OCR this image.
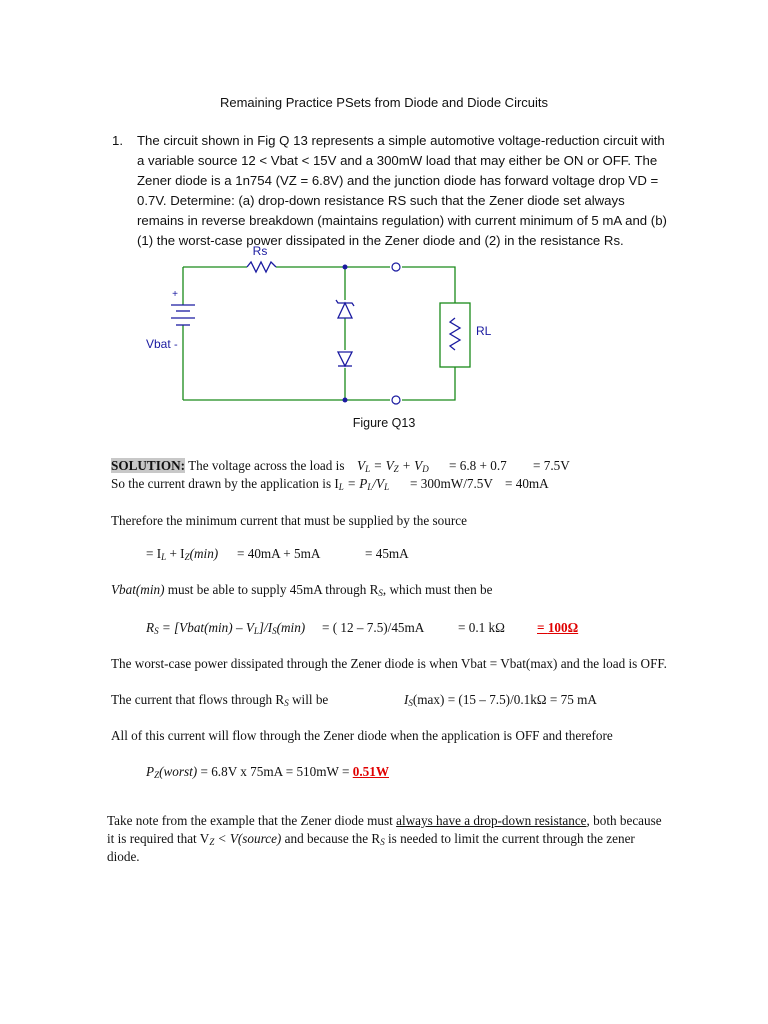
Remaining Practice PSets from Diode and Diode Circuits
1. The circuit shown in Fig Q 13 represents a simple automotive voltage-reduction circuit with a variable source 12 < Vbat < 15V and a 300mW load that may either be ON or OFF. The Zener diode is a 1n754 (VZ = 6.8V) and the junction diode has forward voltage drop VD = 0.7V. Determine: (a) drop-down resistance RS such that the Zener diode set always remains in reverse breakdown (maintains regulation) with current minimum of 5 mA and (b) (1) the worst-case power dissipated in the Zener diode and (2) in the resistance Rs.
Rs
+
Vbat -
RL
Figure Q13
SOLUTION: The voltage across the load is $V_L = V_Z + V_D = 6.8 + 0.7 = 7.5V$
So the current drawn by the application is $I_L = P_L/V_L = 300mW/7.5V = 40mA$
Therefore the minimum current that must be supplied by the source
= $I_L + I_Z(\min) = 40mA + 5mA$	= 45mA
Vbat(min) must be able to supply 45mA through $R_S$, which must then be
$R_S$ = [Vbat(min) – $V_L]/I_S(\min)$ = ( 12 – 7.5)/45mA	= 0.1 kΩ = 100Ω
The worst-case power dissipated through the Zener diode is when Vbat = Vbat(max) and the load is OFF.
The current that flows through $R_S$ will be	$I_S(\max) = (15 - 7.5)/0.1k\Omega = 75$ mA
All of this current will flow through the Zener diode when the application is OFF and therefore
$P_Z(worst) = 6.8V$ x 75mA = 510mW = 0.51W
Take note from the example that the Zener diode must always have a drop-down resistance, both because
it is required that $V_Z$ < V(source) and because the $R_S$ is needed to limit the current through the zener
diode.
